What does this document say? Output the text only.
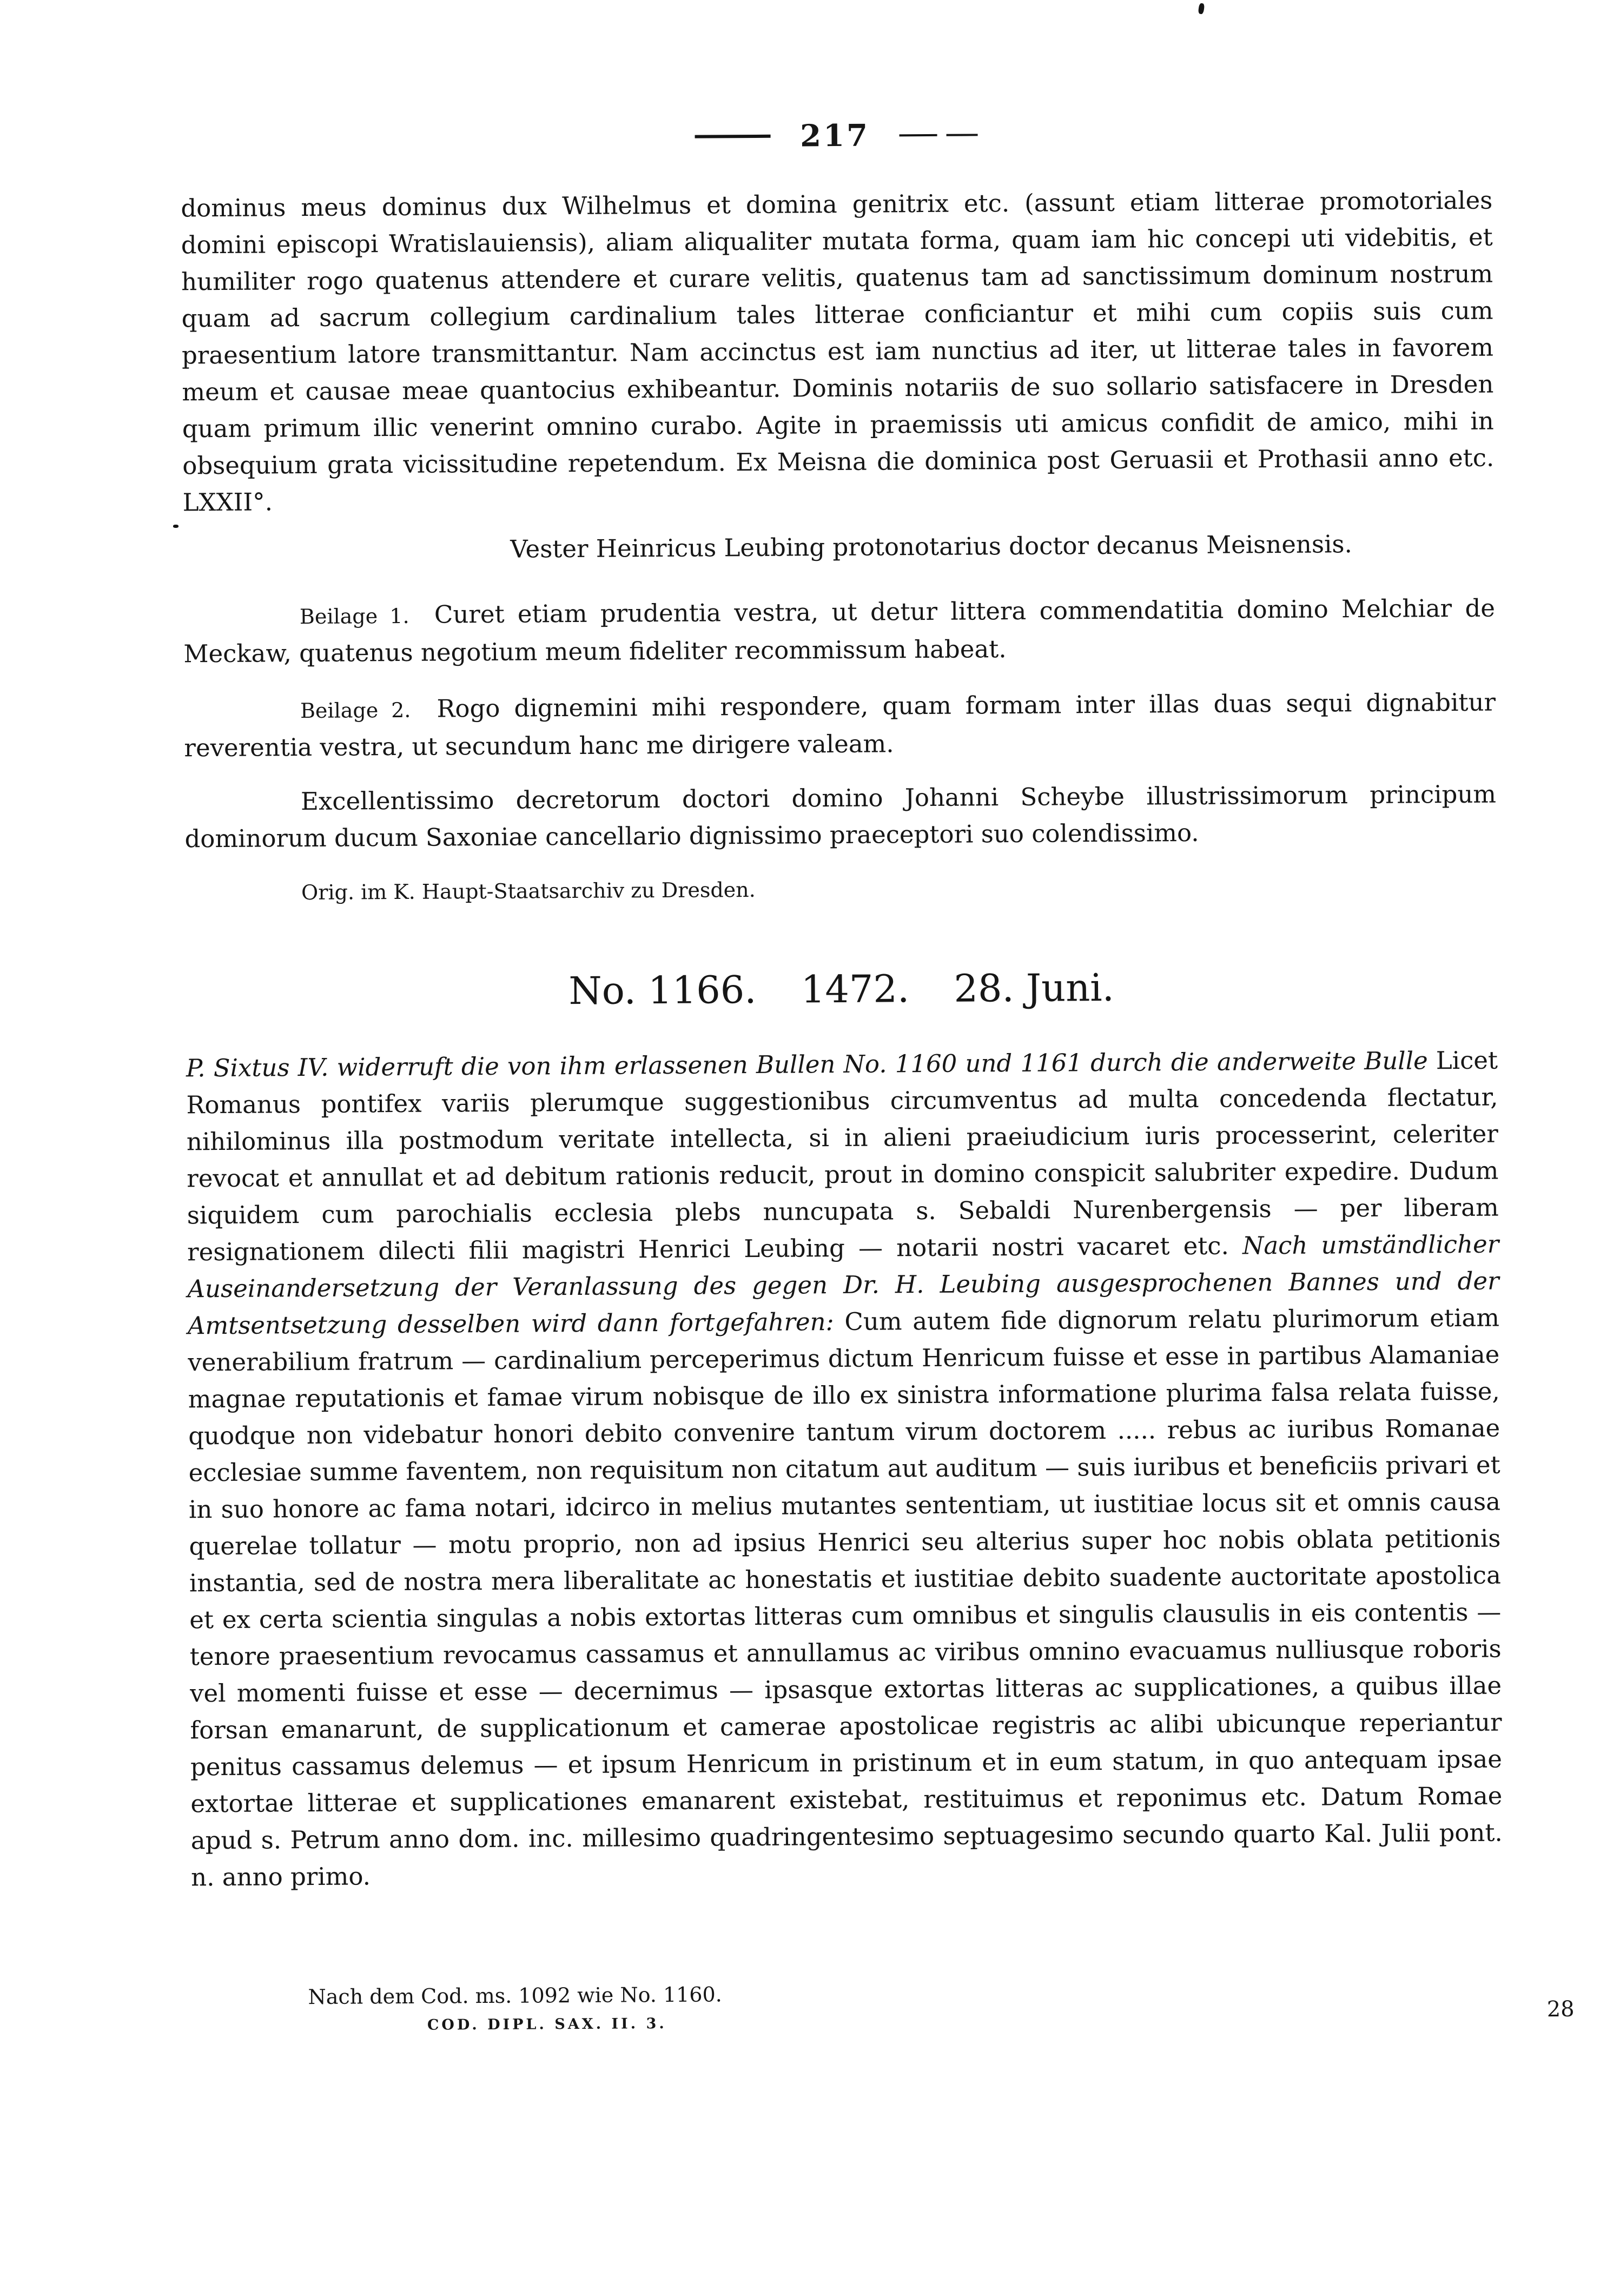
217

dominus meus dominus dux Wilhelmus et domina genitrix etc. (assunt etiam litterae promotoriales domini episcopi Wratislauiensis), aliam aliqualiter mutata forma, quam iam hic concepi uti videbitis, et humiliter rogo quatenus attendere et curare velitis, quatenus tam ad sanctissimum dominum nostrum quam ad sacrum collegium cardinalium tales litterae conficiantur et mihi cum copiis suis cum praesentium latore transmittantur. Nam accinctus est iam nunctius ad iter, ut litterae tales in favorem meum et causae meae quantocius exhibeantur. Dominis notariis de suo sollario satisfacere in Dresden quam primum illic venerint omnino curabo. Agite in praemissis uti amicus confidit de amico, mihi in obsequium grata vicissitudine repetendum. Ex Meisna die dominica post Geruasii et Prothasii anno etc. LXXII°.

Vester Heinricus Leubing protonotarius doctor decanus Meisnensis.

Beilage 1. Curet etiam prudentia vestra, ut detur littera commendatitia domino Melchiar de Meckaw, quatenus negotium meum fideliter recommissum habeat.

Beilage 2. Rogo dignemini mihi respondere, quam formam inter illas duas sequi dignabitur reverentia vestra, ut secundum hanc me dirigere valeam.

Excellentissimo decretorum doctori domino Johanni Scheybe illustrissimorum principum dominorum ducum Saxoniae cancellario dignissimo praeceptori suo colendissimo.

Orig. im K. Haupt-Staatsarchiv zu Dresden.

No. 1166. 1472. 28. Juni.

P. Sixtus IV. widerruft die von ihm erlassenen Bullen No. 1160 und 1161 durch die anderweite Bulle Licet Romanus pontifex variis plerumque suggestionibus circumventus ad multa concedenda flectatur, nihilominus illa postmodum veritate intellecta, si in alieni praeiudicium iuris processerint, celeriter revocat et annullat et ad debitum rationis reducit, prout in domino conspicit salubriter expedire. Dudum siquidem cum parochialis ecclesia plebs nuncupata s. Sebaldi Nurenbergensis — per liberam resignationem dilecti filii magistri Henrici Leubing — notarii nostri vacaret etc. Nach umständlicher Auseinandersetzung der Veranlassung des gegen Dr. H. Leubing ausgesprochenen Bannes und der Amtsentsetzung desselben wird dann fortgefahren: Cum autem fide dignorum relatu plurimorum etiam venerabilium fratrum — cardinalium perceperimus dictum Henricum fuisse et esse in partibus Alamaniae magnae reputationis et famae virum nobisque de illo ex sinistra informatione plurima falsa relata fuisse, quodque non videbatur honori debito convenire tantum virum doctorem ..... rebus ac iuribus Romanae ecclesiae summe faventem, non requisitum non citatum aut auditum — suis iuribus et beneficiis privari et in suo honore ac fama notari, idcirco in melius mutantes sententiam, ut iustitiae locus sit et omnis causa querelae tollatur — motu proprio, non ad ipsius Henrici seu alterius super hoc nobis oblata petitionis instantia, sed de nostra mera liberalitate ac honestatis et iustitiae debito suadente auctoritate apostolica et ex certa scientia singulas a nobis extortas litteras cum omnibus et singulis clausulis in eis contentis — tenore praesentium revocamus cassamus et annullamus ac viribus omnino evacuamus nulliusque roboris vel momenti fuisse et esse — decernimus — ipsasque extortas litteras ac supplicationes, a quibus illae forsan emanarunt, de supplicationum et camerae apostolicae registris ac alibi ubicunque reperiantur penitus cassamus delemus — et ipsum Henricum in pristinum et in eum statum, in quo antequam ipsae extortae litterae et supplicationes emanarent existebat, restituimus et reponimus etc. Datum Romae apud s. Petrum anno dom. inc. millesimo quadringentesimo septuagesimo secundo quarto Kal. Julii pont. n. anno primo.

Nach dem Cod. ms. 1092 wie No. 1160.

COD. DIPL. SAX. II. 3.
28
